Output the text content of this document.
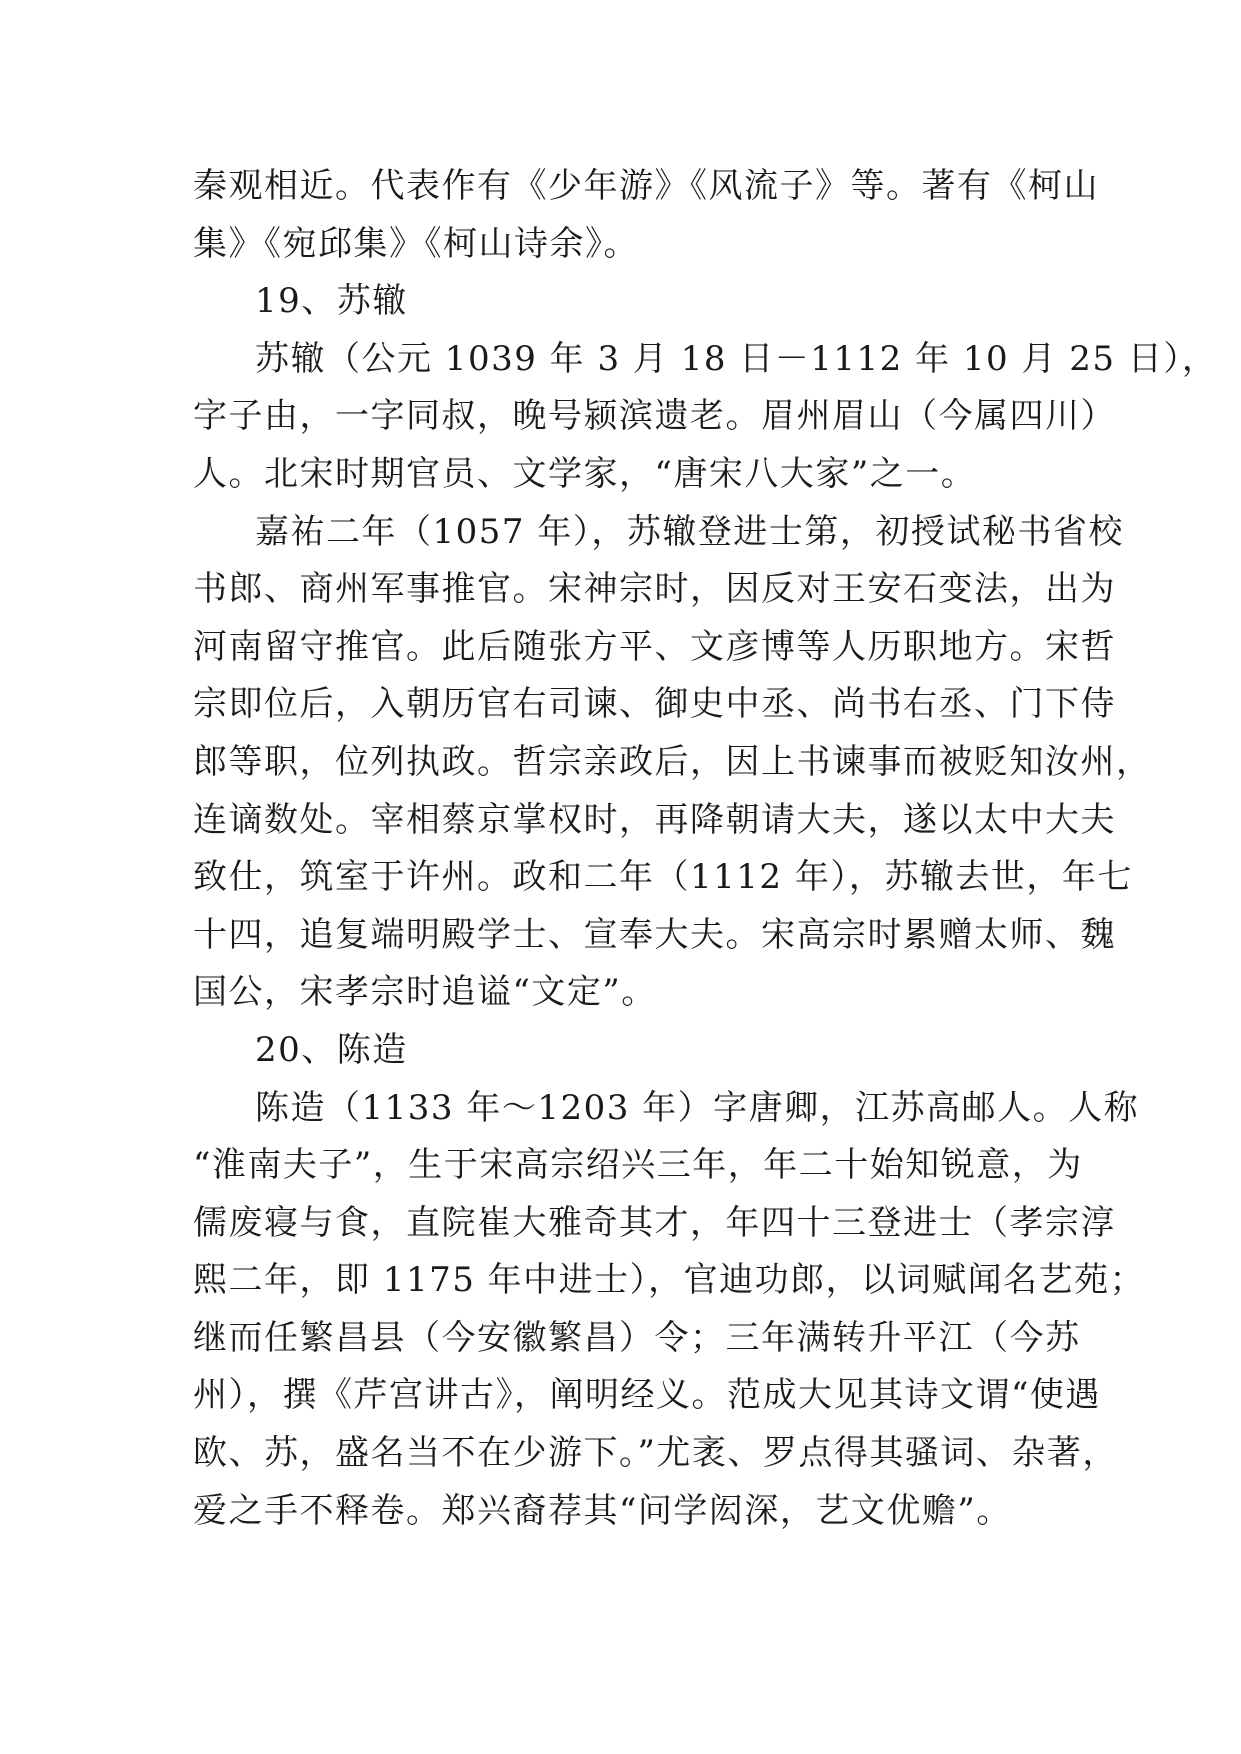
秦观相近。代表作有《少年游》《风流子》等。著有《柯山
集》《宛邱集》《柯山诗余》。
19、苏辙
苏辙（公元 1039 年 3 月 18 日－1112 年 10 月 25 日），
字子由，一字同叔，晚号颍滨遗老。眉州眉山（今属四川）
人。北宋时期官员、文学家，“唐宋八大家”之一。
嘉祐二年（1057 年），苏辙登进士第，初授试秘书省校
书郎、商州军事推官。宋神宗时，因反对王安石变法，出为
河南留守推官。此后随张方平、文彦博等人历职地方。宋哲
宗即位后，入朝历官右司谏、御史中丞、尚书右丞、门下侍
郎等职，位列执政。哲宗亲政后，因上书谏事而被贬知汝州，
连谪数处。宰相蔡京掌权时，再降朝请大夫，遂以太中大夫
致仕，筑室于许州。政和二年（1112 年），苏辙去世，年七
十四，追复端明殿学士、宣奉大夫。宋高宗时累赠太师、魏
国公，宋孝宗时追谥“文定”。
20、陈造
陈造（1133 年～1203 年）字唐卿，江苏高邮人。人称
“淮南夫子”，生于宋高宗绍兴三年，年二十始知锐意，为
儒废寝与食，直院崔大雅奇其才，年四十三登进士（孝宗淳
熙二年，即 1175 年中进士），官迪功郎，以词赋闻名艺苑；
继而任繁昌县（今安徽繁昌）令；三年满转升平江（今苏
州），撰《芹宫讲古》，阐明经义。范成大见其诗文谓“使遇
欧、苏，盛名当不在少游下。”尤袤、罗点得其骚词、杂著，
爱之手不释卷。郑兴裔荐其“问学闳深，艺文优赡”。
